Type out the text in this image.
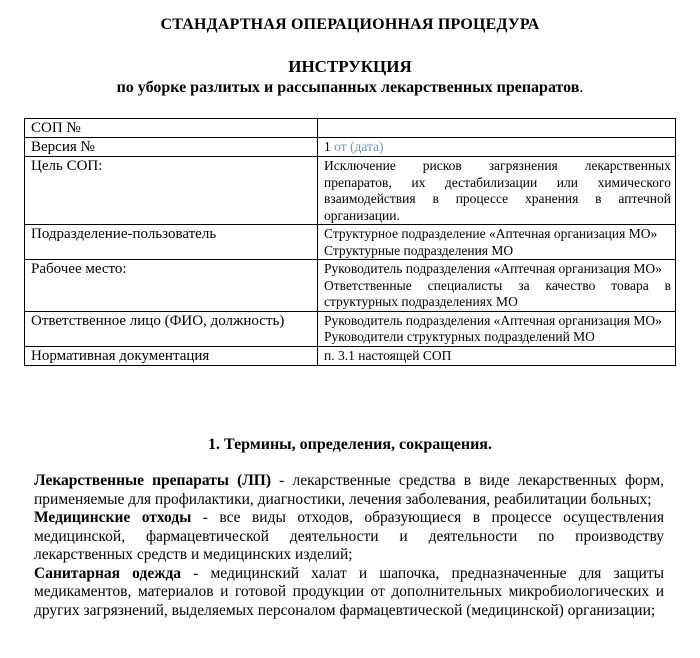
СТАНДАРТНАЯ ОПЕРАЦИОННАЯ ПРОЦЕДУРА
ИНСТРУКЦИЯ
по уборке разлитых и рассыпанных лекарственных препаратов.
СОП №	
Версия №	1 от (дата)
Цель СОП:	Исключение рисков загрязнения лекарственных препаратов, их дестабилизации или химического взаимодействия в процессе хранения в аптечной организации.
Подразделение-пользователь	Структурное подразделение «Аптечная организация МО»
Структурные подразделения МО

Рабочее место:	Руководитель подразделения «Аптечная организация МО»
Ответственные специалисты за качество товара в структурных подразделениях МО

Ответственное лицо (ФИО, должность)	Руководитель подразделения «Аптечная организация МО»
Руководители структурных подразделений МО

Нормативная документация	п. 3.1 настоящей СОП
1. Термины, определения, сокращения.

Лекарственные препараты (ЛП) - лекарственные средства в виде лекарственных форм, применяемые для профилактики, диагностики, лечения заболевания, реабилитации больных;

Медицинские отходы - все виды отходов, образующиеся в процессе осуществления медицинской, фармацевтической деятельности и деятельности по производству лекарственных средств и медицинских изделий;

Санитарная одежда - медицинский халат и шапочка, предназначенные для защиты медикаментов, материалов и готовой продукции от дополнительных микробиологических и других загрязнений, выделяемых персоналом фармацевтической (медицинской) организации;
